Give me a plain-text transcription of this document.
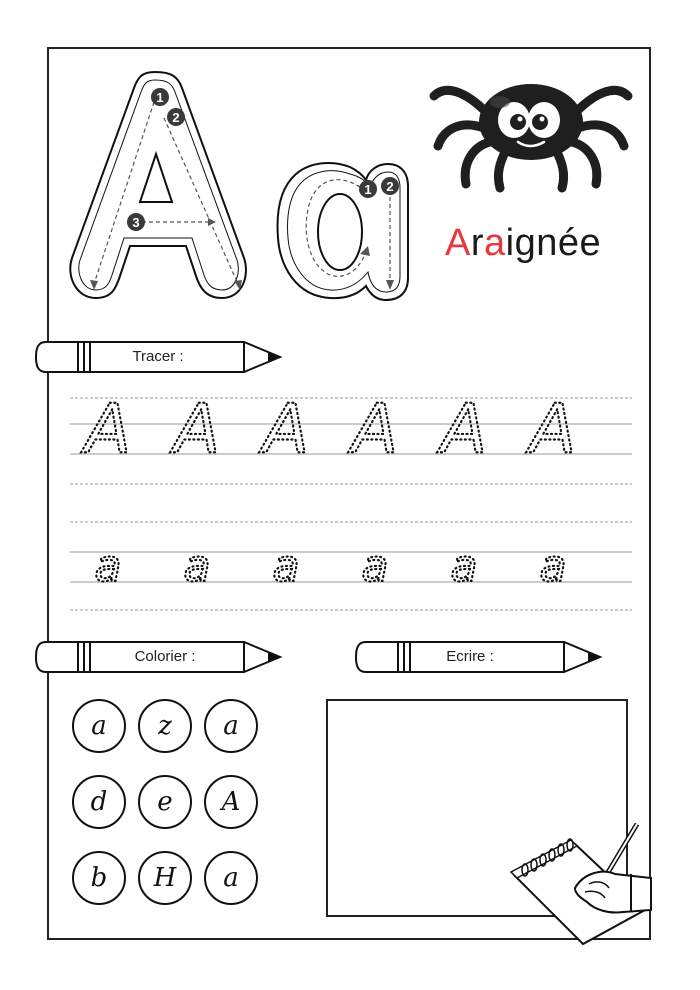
1
2
3
1 2
Araignée
Tracer :
A A A A A A
a a a a a a
Colorier :	Ecrire :
a	z	a
d	e	A
b	H	a
